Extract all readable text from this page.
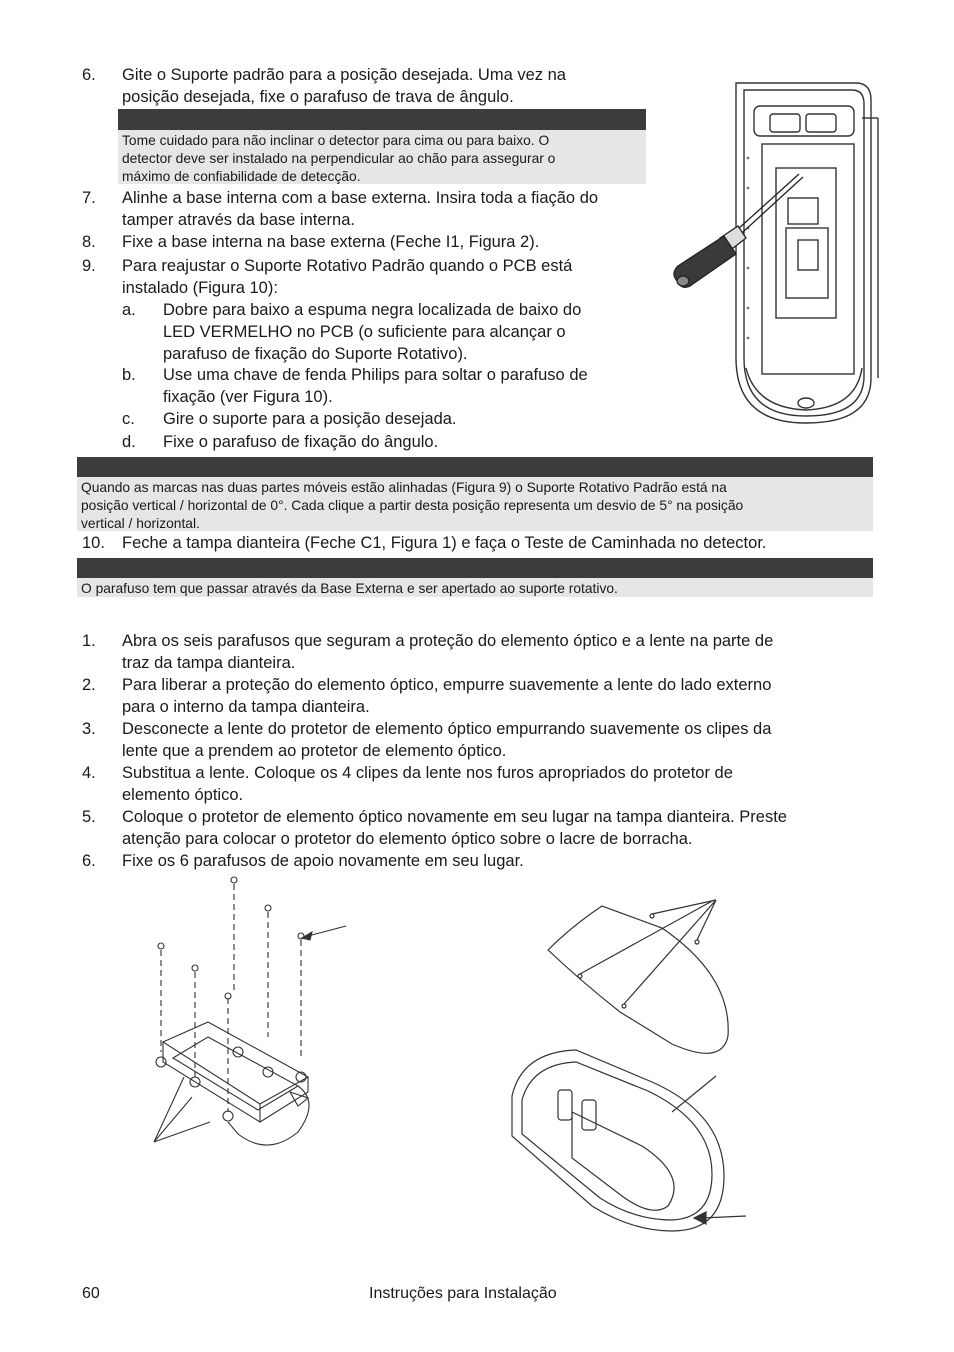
6. Gite o Suporte padrão para a posição desejada. Uma vez na
posição desejada, fixe o parafuso de trava de ângulo.
Tome cuidado para não inclinar o detector para cima ou para baixo. O
detector deve ser instalado na perpendicular ao chão para assegurar o
máximo de confiabilidade de detecção.
7. Alinhe a base interna com a base externa. Insira toda a fiação do
tamper através da base interna.
8. Fixe a base interna na base externa (Feche I1, Figura 2).
9. Para reajustar o Suporte Rotativo Padrão quando o PCB está
instalado (Figura 10):
a. Dobre para baixo a espuma negra localizada de baixo do
LED VERMELHO no PCB (o suficiente para alcançar o
parafuso de fixação do Suporte Rotativo).
b. Use uma chave de fenda Philips para soltar o parafuso de
fixação (ver Figura 10).
c. Gire o suporte para a posição desejada.
d. Fixe o parafuso de fixação do ângulo.
Quando as marcas nas duas partes móveis estão alinhadas (Figura 9) o Suporte Rotativo Padrão está na
posição vertical / horizontal de 0°. Cada clique a partir desta posição representa um desvio de 5° na posição
vertical / horizontal.
10. Feche a tampa dianteira (Feche C1, Figura 1) e faça o Teste de Caminhada no detector.
O parafuso tem que passar através da Base Externa e ser apertado ao suporte rotativo.
1. Abra os seis parafusos que seguram a proteção do elemento óptico e a lente na parte de
traz da tampa dianteira.
2. Para liberar a proteção do elemento óptico, empurre suavemente a lente do lado externo
para o interno da tampa dianteira.
3. Desconecte a lente do protetor de elemento óptico empurrando suavemente os clipes da
lente que a prendem ao protetor de elemento óptico.
4. Substitua a lente. Coloque os 4 clipes da lente nos furos apropriados do protetor de
elemento óptico.
5. Coloque o protetor de elemento óptico novamente em seu lugar na tampa dianteira. Preste
atenção para colocar o protetor do elemento óptico sobre o lacre de borracha.
6. Fixe os 6 parafusos de apoio novamente em seu lugar.
60	Instruções para Instalação
